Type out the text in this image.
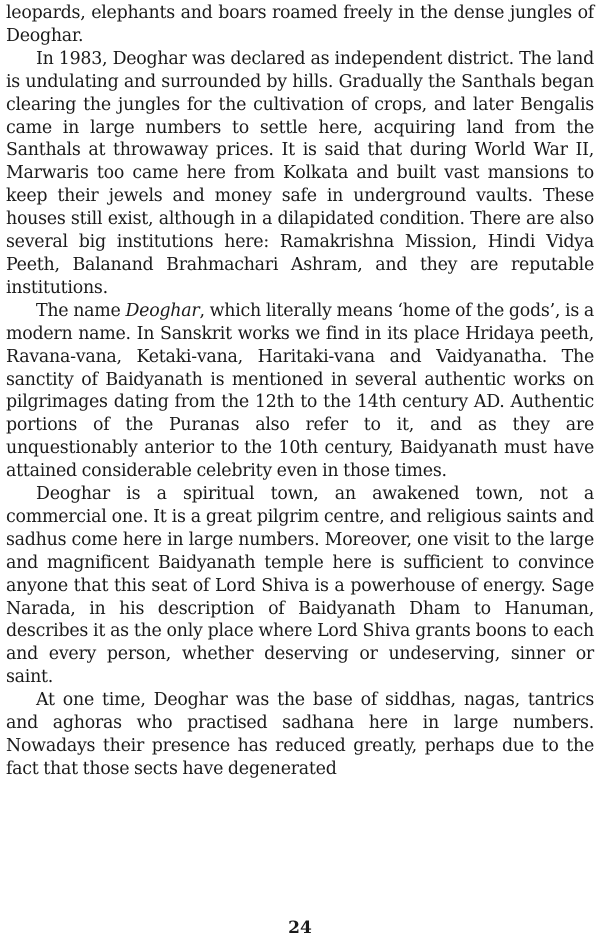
leopards, elephants and boars roamed freely in the dense jungles of Deoghar.

In 1983, Deoghar was declared as independent district. The land is undulating and surrounded by hills. Gradually the Santhals began clearing the jungles for the cultivation of crops, and later Bengalis came in large numbers to settle here, acquiring land from the Santhals at throwaway prices. It is said that during World War II, Marwaris too came here from Kolkata and built vast mansions to keep their jewels and money safe in underground vaults. These houses still exist, although in a dilapidated condition. There are also several big institutions here: Ramakrishna Mission, Hindi Vidya Peeth, Balanand Brahmachari Ashram, and they are reputable institutions.

The name Deoghar, which literally means ‘home of the gods’, is a modern name. In Sanskrit works we find in its place Hridaya peeth, Ravana-vana, Ketaki-vana, Haritaki-vana and Vaidyanatha. The sanctity of Baidyanath is mentioned in several authentic works on pilgrimages dating from the 12th to the 14th century AD. Authentic portions of the Puranas also refer to it, and as they are unquestionably anterior to the 10th century, Baidyanath must have attained considerable celebrity even in those times.

Deoghar is a spiritual town, an awakened town, not a commercial one. It is a great pilgrim centre, and religious saints and sadhus come here in large numbers. Moreover, one visit to the large and magnificent Baidyanath temple here is sufficient to convince anyone that this seat of Lord Shiva is a powerhouse of energy. Sage Narada, in his description of Baidyanath Dham to Hanuman, describes it as the only place where Lord Shiva grants boons to each and every person, whether deserving or undeserving, sinner or saint.

At one time, Deoghar was the base of siddhas, nagas, tantrics and aghoras who practised sadhana here in large numbers. Nowadays their presence has reduced greatly, perhaps due to the fact that those sects have degenerated

24
